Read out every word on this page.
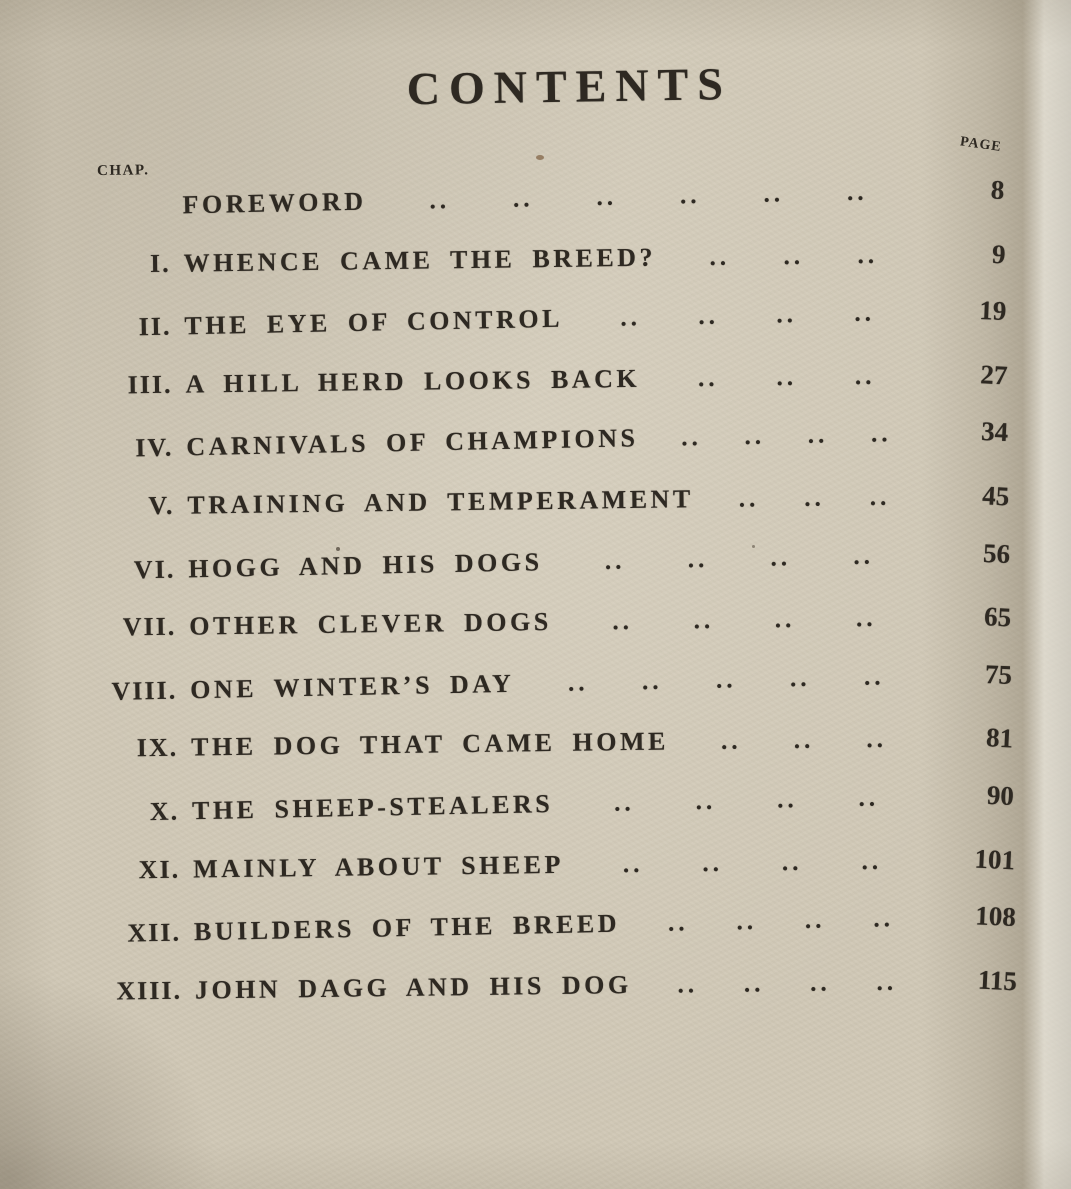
CONTENTS
CHAP.
PAGE
FOREWORD .. .. .. .. .. ..	8
I. WHENCE CAME THE BREED? .. .. ..	9
II. THE EYE OF CONTROL .. .. .. ..	19
III. A HILL HERD LOOKS BACK .. .. ..	27
IV. CARNIVALS OF CHAMPIONS .. .. .. ..	34
V. TRAINING AND TEMPERAMENT .. .. ..	45
VI. HOGG AND HIS DOGS .. .. .. ..	56
VII. OTHER CLEVER DOGS .. .. .. ..	65
VIII. ONE WINTER’S DAY .. .. .. .. ..	75
IX. THE DOG THAT CAME HOME .. .. ..	81
X. THE SHEEP-STEALERS .. .. .. ..	90
XI. MAINLY ABOUT SHEEP .. .. .. ..	101
XII. BUILDERS OF THE BREED .. .. .. ..	108
XIII. JOHN DAGG AND HIS DOG .. .. .. ..	115
